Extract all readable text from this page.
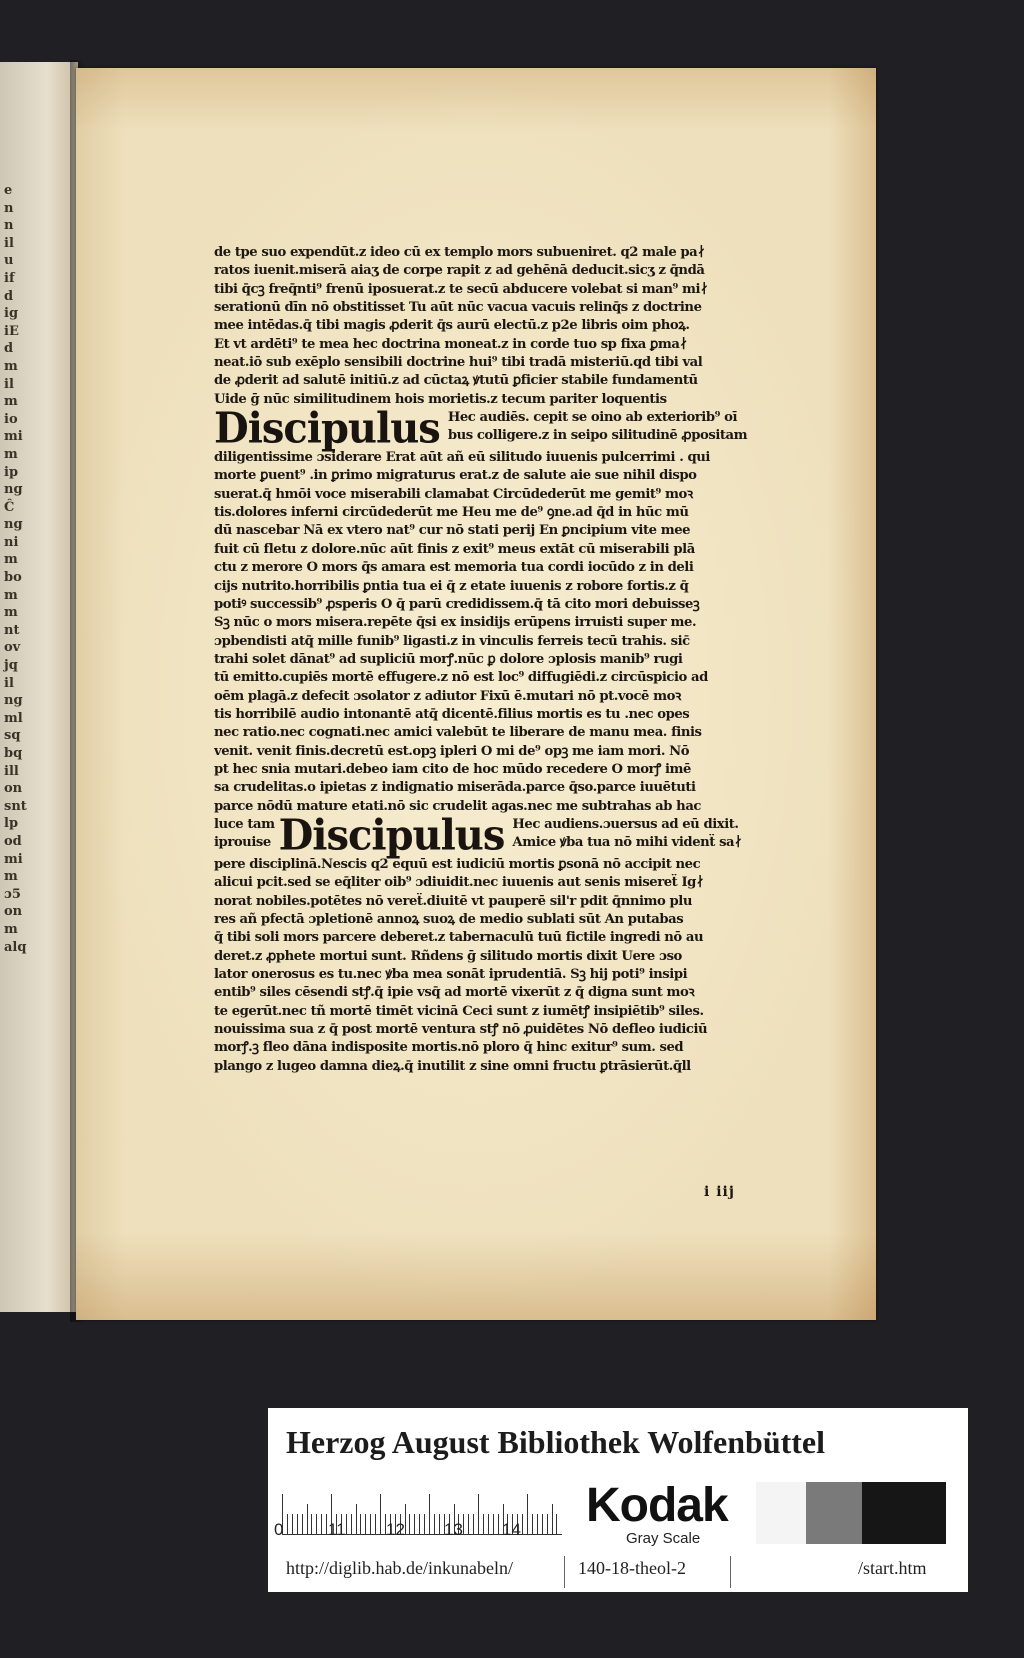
e
n
n
il
u
if
d
ig
iE
d
m
il
m
io
mi
m
ip
ng
Ĉ
ng
ni
m
bo
m
m
nt
ov
jq
il
ng
ml
sq
bq
ill
on
snt
lp
od
mi
m
ɔ5
on
m
alq
de tpe suo expendūt.z ideo cū ex templo mors subueniret. q2 male pa∤
ratos iuenit.miserā aiaʒ de corpe rapit z ad gehēnā deducit.sicʒ z q̄ndā
tibi q̄cꝫ freq̄nti⁹ frenū iposuerat.z te secū abducere volebat si man⁹ mi∤
serationū dīn nō obstitisset Tu aūt nūc vacua vacuis relinq̄s z doctrine
mee intēdas.q̄ tibi magis ꝓderit q̄s aurū electū.z p2e libris oim phoꝝ.
Et vt ardēti⁹ te mea hec doctrina moneat.z in corde tuo sp fixa ꝑma∤
neat.iō sub exēplo sensibili doctrine hui⁹ tibi tradā misteriū.qd tibi val
de ꝓderit ad salutē initiū.z ad cūctaꝝ ꝟtutū ꝑficier stabile fundamentū
Uide ḡ nūc similitudinem hois morietis.z tecum pariter loquentis
Discipulus Hec audiēs. cepit se oino ab exteriorib⁹ oī
bus colligere.z in seipo silitudinē ꝓpositam
diligentissime ɔsiderare Erat aūt añ eū silitudo iuuenis pulcerrimi . qui
morte ꝑuent⁹ .in ꝑrimo migraturus erat.z de salute aie sue nihil dispo
suerat.q̄ hmōi voce miserabili clamabat Circūdederūt me gemit⁹ moꝛ
tis.dolores inferni circūdederūt me Heu me de⁹ ꝯne.ad q̄d in hūc mū
dū nascebar Nā ex vtero nat⁹ cur nō stati perij En ꝑncipium vite mee
fuit cū fletu z dolore.nūc aūt finis z exit⁹ meus extāt cū miserabili plā
ctu z merore O mors q̄s amara est memoria tua cordi iocūdo z in deli
cijs nutrito.horribilis ꝑntia tua ei q̄ z etate iuuenis z robore fortis.z q̄
potiꝰ successib⁹ ꝓsperis O q̄ parū credidissem.q̄ tā cito mori debuisseꝫ
Sꝫ nūc o mors misera.repēte q̄si ex insidijs erūpens irruisti super me.
ɔpbendisti atq̄ mille funib⁹ ligasti.z in vinculis ferreis tecū trahis. sic̄
trahi solet dānat⁹ ad supliciū morꝭ.nūc ꝑ dolore ɔplosis manib⁹ rugi
tū emitto.cupiēs mortē effugere.z nō est loc⁹ diffugiēdi.z circūspicio ad
oēm plagā.z defecit ɔsolator z adiutor Fixū ē.mutari nō pt.vocē moꝛ
tis horribilē audio intonantē atq̄ dicentē.filius mortis es tu .nec opes
nec ratio.nec cognati.nec amici valebūt te liberare de manu mea. finis
venit. venit finis.decretū est.opꝫ ipleri O mi de⁹ opꝫ me iam mori. Nō
pt hec snia mutari.debeo iam cito de hoc mūdo recedere O morꝭ imē
sa crudelitas.o ipietas z indignatio miserāda.parce q̄so.parce iuuētuti
parce nōdū mature etati.nō sic crudelit agas.nec me subtrahas ab hac
luce tam
iprouise Discipulus Hec audiens.ɔuersus ad eū dixit.
Amice ꝟba tua nō mihi videnẗ sa∤
pere disciplinā.Nescis q2 equū est iudiciū mortis ꝑsonā nō accipit nec
alicui pcit.sed se eq̄liter oib⁹ ɔdiuidit.nec iuuenis aut senis misereẗ Ig∤
norat nobiles.potētes nō vereẗ.diuitē vt pauperē sil'r pdit q̄nnimo plu
res añ pfectā ɔpletionē annoꝝ suoꝝ de medio sublati sūt An putabas
q̄ tibi soli mors parcere deberet.z tabernaculū tuū fictile ingredi nō au
deret.z ꝓphete mortui sunt. Rñdens ḡ silitudo mortis dixit Uere ɔso
lator onerosus es tu.nec ꝟba mea sonāt iprudentiā. Sꝫ hij poti⁹ insipi
entib⁹ siles cēsendi stꝭ.q̄ ipie vsq̄ ad mortē vixerūt z q̄ digna sunt moꝛ
te egerūt.nec tñ mortē timēt vicinā Ceci sunt z iumētꝭ insipiētib⁹ siles.
nouissima sua z q̄ post mortē ventura stꝭ nō ꝓuidētes Nō defleo iudiciū
morꝭ.ꝫ fleo dāna indisposite mortis.nō ploro q̄ hinc exitur⁹ sum. sed
plango z lugeo damna dieꝝ.q̄ inutilit z sine omni fructu ꝑtrāsierūt.q̄ll
i iij
Herzog August Bibliothek Wolfenbüttel
0	11 12 13 14 Kodak
Gray Scale
http://diglib.hab.de/inkunabeln/	140-18-theol-2	/start.htm
